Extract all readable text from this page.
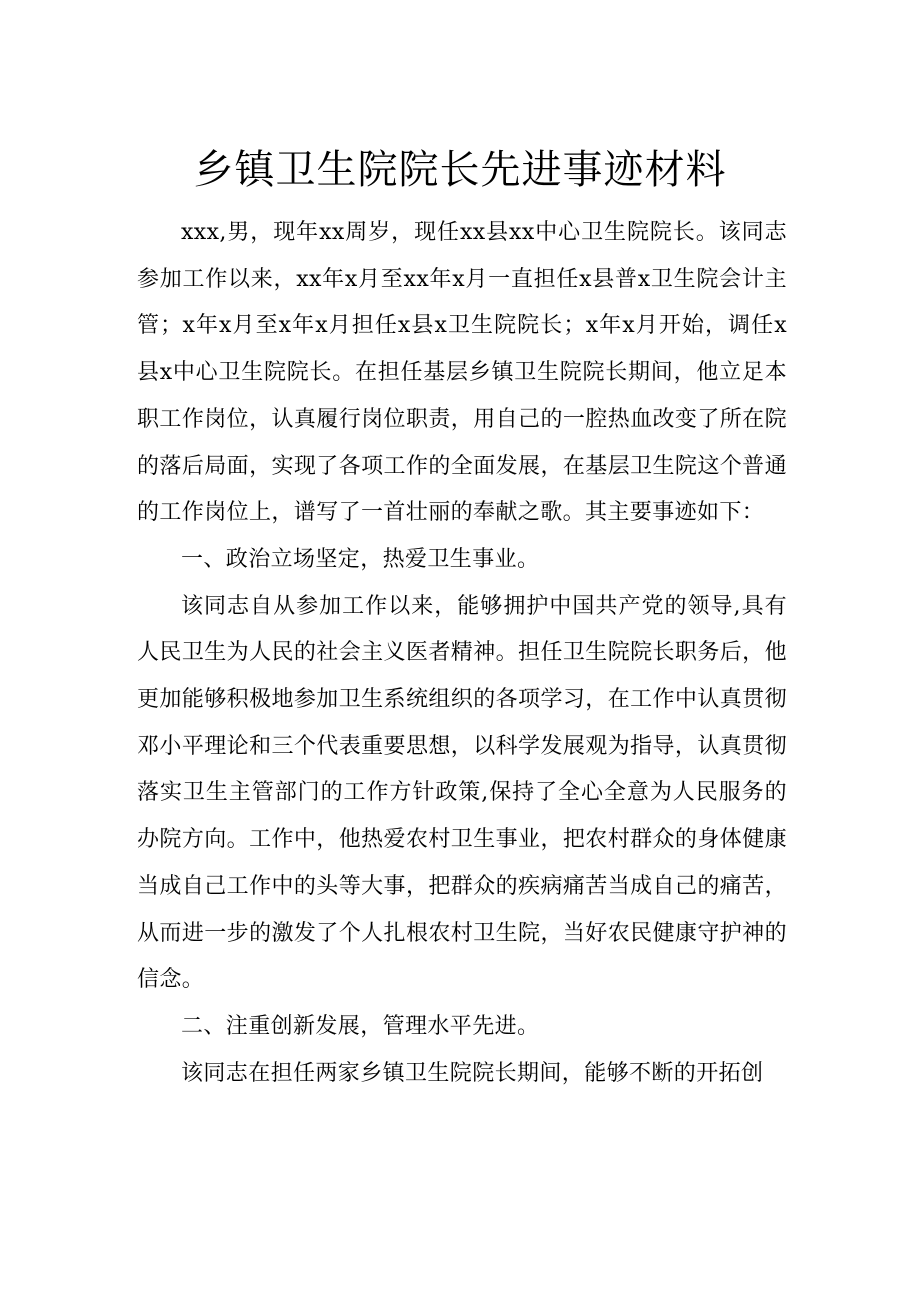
乡镇卫生院院长先进事迹材料

xxx,男，现年xx周岁，现任xx县xx中心卫生院院长。该同志参加工作以来，xx年x月至xx年x月一直担任x县普x卫生院会计主管；x年x月至x年x月担任x县x卫生院院长；x年x月开始，调任x县x中心卫生院院长。在担任基层乡镇卫生院院长期间，他立足本职工作岗位，认真履行岗位职责，用自己的一腔热血改变了所在院的落后局面，实现了各项工作的全面发展，在基层卫生院这个普通的工作岗位上，谱写了一首壮丽的奉献之歌。其主要事迹如下：

一、政治立场坚定，热爱卫生事业。

该同志自从参加工作以来，能够拥护中国共产党的领导,具有人民卫生为人民的社会主义医者精神。担任卫生院院长职务后，他更加能够积极地参加卫生系统组织的各项学习，在工作中认真贯彻邓小平理论和三个代表重要思想，以科学发展观为指导，认真贯彻落实卫生主管部门的工作方针政策,保持了全心全意为人民服务的办院方向。工作中，他热爱农村卫生事业，把农村群众的身体健康当成自己工作中的头等大事，把群众的疾病痛苦当成自己的痛苦，从而进一步的激发了个人扎根农村卫生院，当好农民健康守护神的信念。

二、注重创新发展，管理水平先进。

该同志在担任两家乡镇卫生院院长期间，能够不断的开拓创
